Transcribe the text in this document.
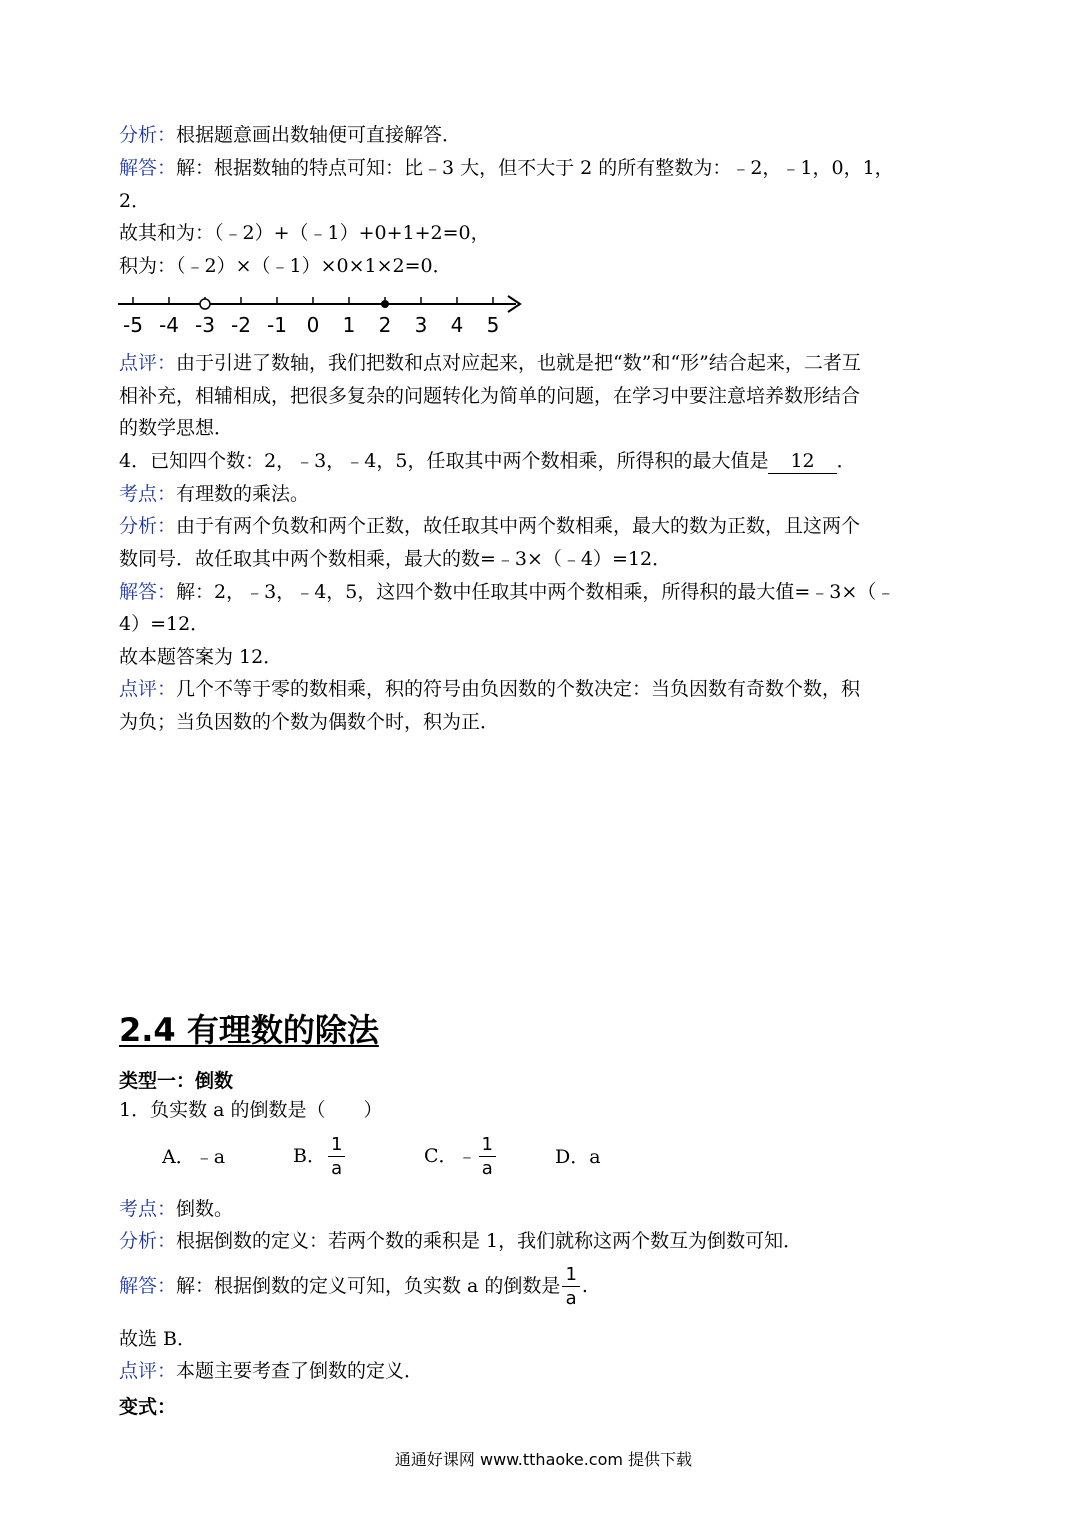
分析：根据题意画出数轴便可直接解答．
解答：解：根据数轴的特点可知：比﹣3 大，但不大于 2 的所有整数为：﹣2，﹣1，0，1，
2．
故其和为：（﹣2）+（﹣1）+0+1+2=0，
积为：（﹣2）×（﹣1）×0×1×2=0．
-5 -4 -3 -2 -1 0 1 2 3 4 5
点评：由于引进了数轴，我们把数和点对应起来，也就是把“数”和“形”结合起来，二者互
相补充，相辅相成，把很多复杂的问题转化为简单的问题，在学习中要注意培养数形结合
的数学思想．
4．已知四个数：2，﹣3，﹣4，5，任取其中两个数相乘，所得积的最大值是 12 ．
考点：有理数的乘法。
分析：由于有两个负数和两个正数，故任取其中两个数相乘，最大的数为正数，且这两个
数同号．故任取其中两个数相乘，最大的数=﹣3×（﹣4）=12．
解答：解：2，﹣3，﹣4，5，这四个数中任取其中两个数相乘，所得积的最大值=﹣3×（﹣
4）=12．
故本题答案为 12．
点评：几个不等于零的数相乘，积的符号由负因数的个数决定：当负因数有奇数个数，积
为负；当负因数的个数为偶数个时，积为正．
2.4 有理数的除法
类型一：倒数
1．负实数 a 的倒数是（　　）
A．﹣a	B． $\frac{1}{a}$	C．﹣ $\frac{1}{a}$	D．a
考点：倒数。
分析：根据倒数的定义：若两个数的乘积是 1，我们就称这两个数互为倒数可知．
解答：解：根据倒数的定义可知，负实数 a 的倒数是 $\frac{1}{a}$ .
故选 B．
点评：本题主要考查了倒数的定义．
变式：
通通好课网 www.tthaoke.com 提供下载
